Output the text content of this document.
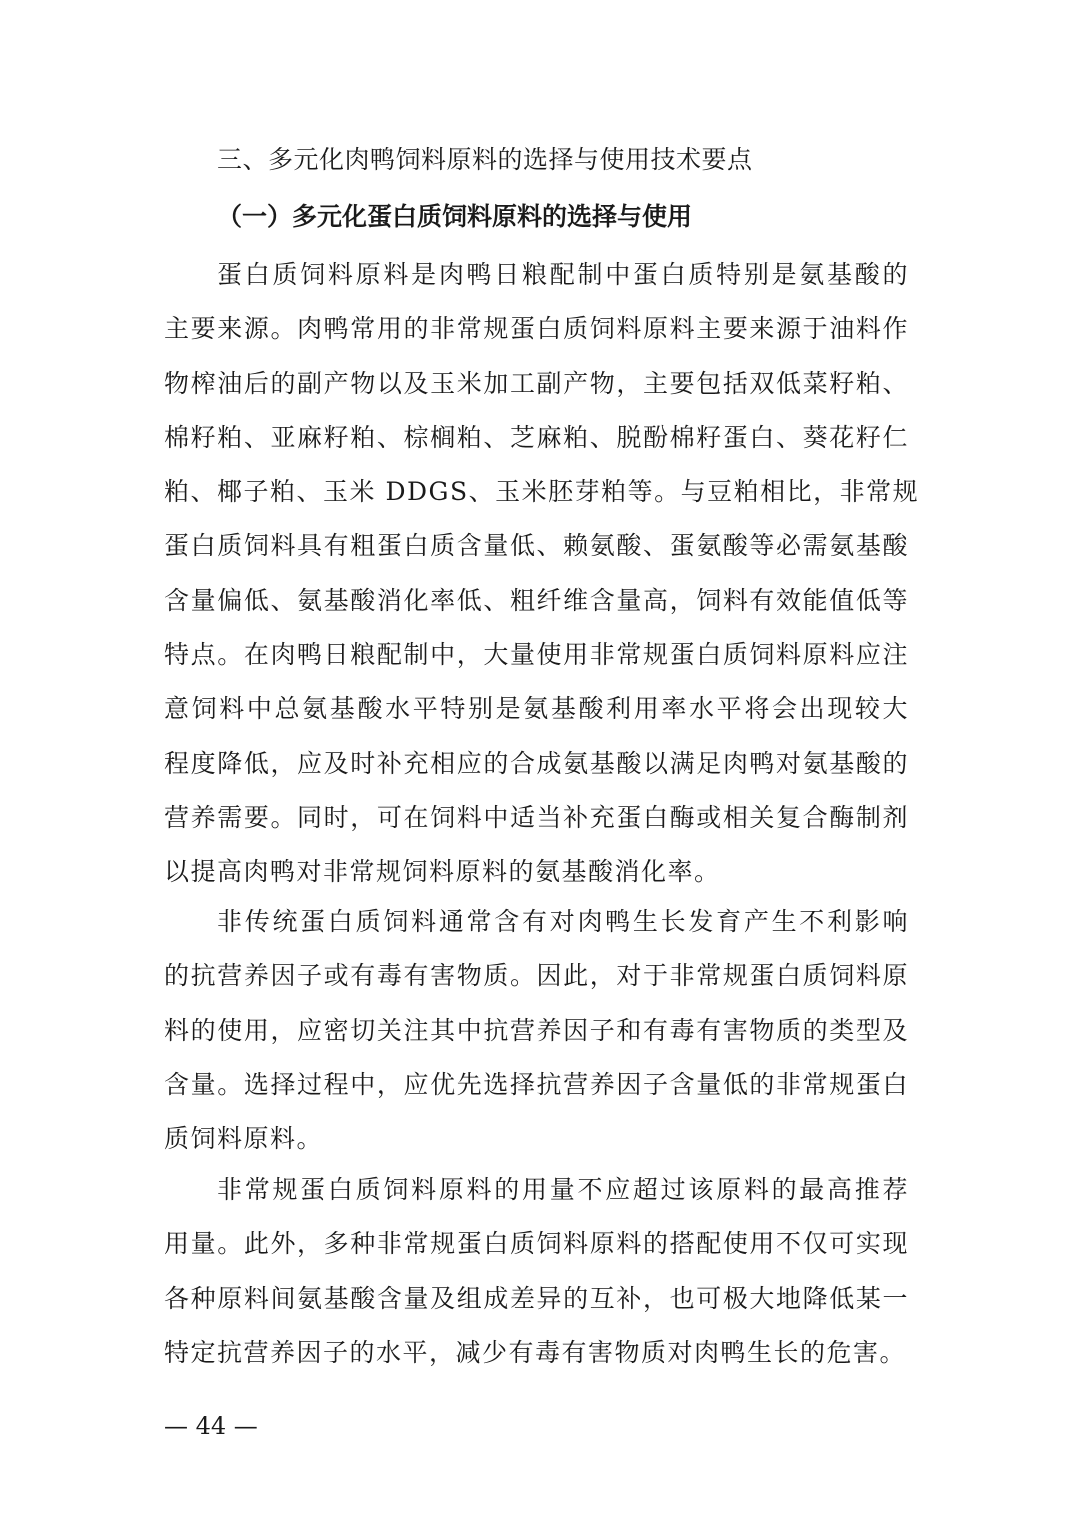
三、多元化肉鸭饲料原料的选择与使用技术要点
（一）多元化蛋白质饲料原料的选择与使用
蛋白质饲料原料是肉鸭日粮配制中蛋白质特别是氨基酸的
主要来源。肉鸭常用的非常规蛋白质饲料原料主要来源于油料作
物榨油后的副产物以及玉米加工副产物，主要包括双低菜籽粕、
棉籽粕、亚麻籽粕、棕榈粕、芝麻粕、脱酚棉籽蛋白、葵花籽仁
粕、椰子粕、玉米 DDGS、玉米胚芽粕等。与豆粕相比，非常规
蛋白质饲料具有粗蛋白质含量低、赖氨酸、蛋氨酸等必需氨基酸
含量偏低、氨基酸消化率低、粗纤维含量高，饲料有效能值低等
特点。在肉鸭日粮配制中，大量使用非常规蛋白质饲料原料应注
意饲料中总氨基酸水平特别是氨基酸利用率水平将会出现较大
程度降低，应及时补充相应的合成氨基酸以满足肉鸭对氨基酸的
营养需要。同时，可在饲料中适当补充蛋白酶或相关复合酶制剂
以提高肉鸭对非常规饲料原料的氨基酸消化率。
非传统蛋白质饲料通常含有对肉鸭生长发育产生不利影响
的抗营养因子或有毒有害物质。因此，对于非常规蛋白质饲料原
料的使用，应密切关注其中抗营养因子和有毒有害物质的类型及
含量。选择过程中，应优先选择抗营养因子含量低的非常规蛋白
质饲料原料。
非常规蛋白质饲料原料的用量不应超过该原料的最高推荐
用量。此外，多种非常规蛋白质饲料原料的搭配使用不仅可实现
各种原料间氨基酸含量及组成差异的互补，也可极大地降低某一
特定抗营养因子的水平，减少有毒有害物质对肉鸭生长的危害。
— 44 —
